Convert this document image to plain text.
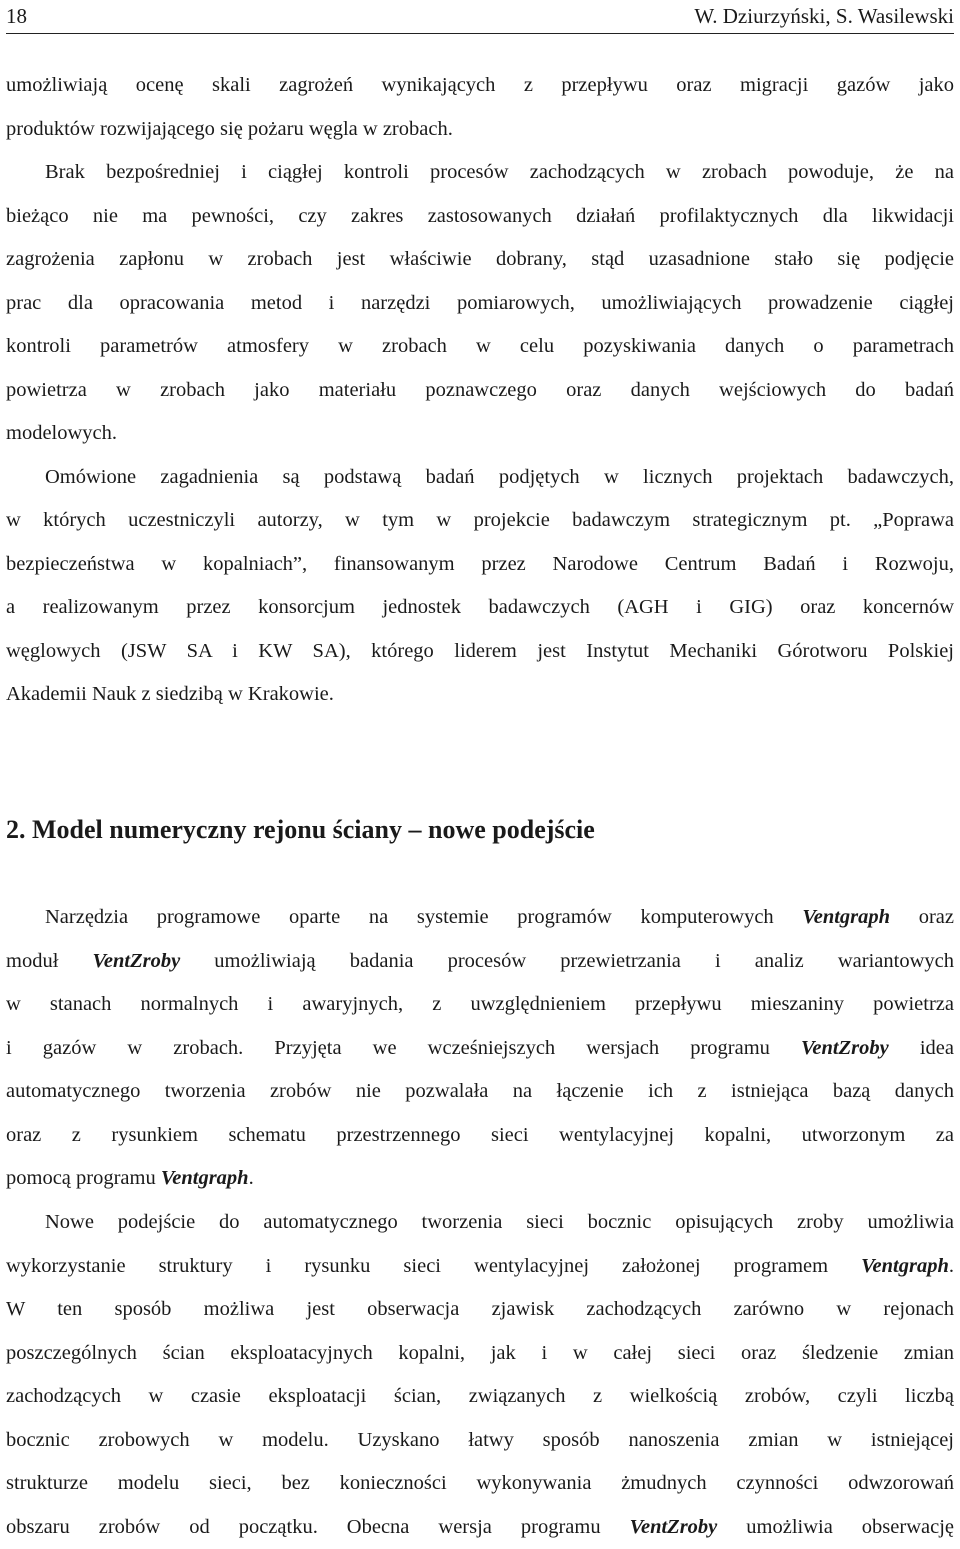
18	W. Dziurzyński, S. Wasilewski
umożliwiają ocenę skali zagrożeń wynikających z przepływu oraz migracji gazów jako
produktów rozwijającego się pożaru węgla w zrobach.
Brak bezpośredniej i ciągłej kontroli procesów zachodzących w zrobach powoduje, że na
bieżąco nie ma pewności, czy zakres zastosowanych działań profilaktycznych dla likwidacji
zagrożenia zapłonu w zrobach jest właściwie dobrany, stąd uzasadnione stało się podjęcie
prac dla opracowania metod i narzędzi pomiarowych, umożliwiających prowadzenie ciągłej
kontroli parametrów atmosfery w zrobach w celu pozyskiwania danych o parametrach
powietrza w zrobach jako materiału poznawczego oraz danych wejściowych do badań
modelowych.
Omówione zagadnienia są podstawą badań podjętych w licznych projektach badawczych,
w których uczestniczyli autorzy, w tym w projekcie badawczym strategicznym pt. „Poprawa
bezpieczeństwa w kopalniach”, finansowanym przez Narodowe Centrum Badań i Rozwoju,
a realizowanym przez konsorcjum jednostek badawczych (AGH i GIG) oraz koncernów
węglowych (JSW SA i KW SA), którego liderem jest Instytut Mechaniki Górotworu Polskiej
Akademii Nauk z siedzibą w Krakowie.
2. Model numeryczny rejonu ściany – nowe podejście
Narzędzia programowe oparte na systemie programów komputerowych Ventgraph oraz
moduł VentZroby umożliwiają badania procesów przewietrzania i analiz wariantowych
w stanach normalnych i awaryjnych, z uwzględnieniem przepływu mieszaniny powietrza
i gazów w zrobach. Przyjęta we wcześniejszych wersjach programu VentZroby idea
automatycznego tworzenia zrobów nie pozwalała na łączenie ich z istniejąca bazą danych
oraz z rysunkiem schematu przestrzennego sieci wentylacyjnej kopalni, utworzonym za
pomocą programu Ventgraph.
Nowe podejście do automatycznego tworzenia sieci bocznic opisujących zroby umożliwia
wykorzystanie struktury i rysunku sieci wentylacyjnej założonej programem Ventgraph.
W ten sposób możliwa jest obserwacja zjawisk zachodzących zarówno w rejonach
poszczególnych ścian eksploatacyjnych kopalni, jak i w całej sieci oraz śledzenie zmian
zachodzących w czasie eksploatacji ścian, związanych z wielkością zrobów, czyli liczbą
bocznic zrobowych w modelu. Uzyskano łatwy sposób nanoszenia zmian w istniejącej
strukturze modelu sieci, bez konieczności wykonywania żmudnych czynności odwzorowań
obszaru zrobów od początku. Obecna wersja programu VentZroby umożliwia obserwację
